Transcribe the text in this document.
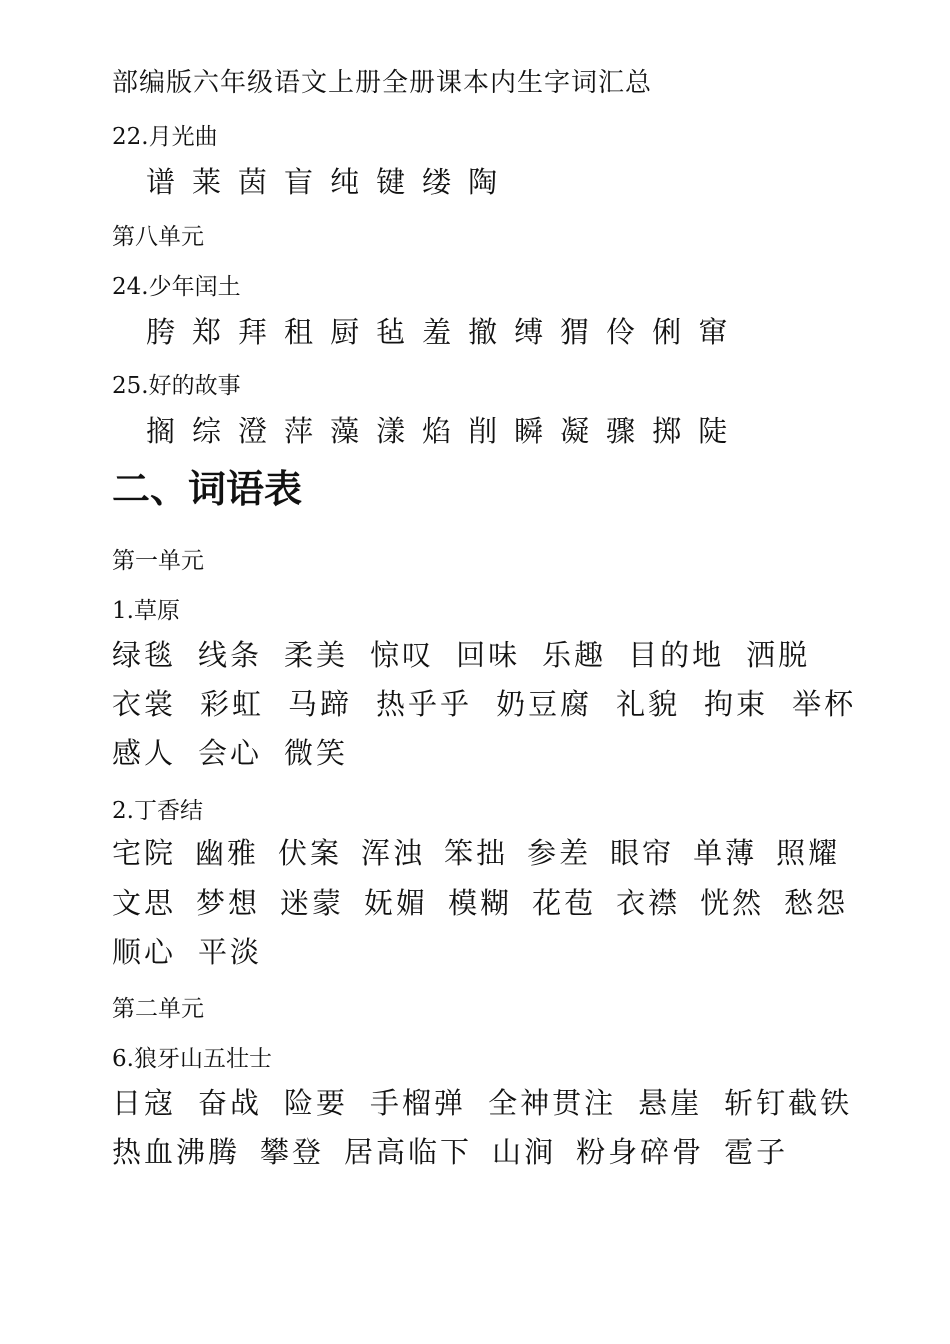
部编版六年级语文上册全册课本内生字词汇总
22.月光曲
谱 莱 茵 盲 纯 键 缕 陶
第八单元
24.少年闰土
胯 郑 拜 租 厨 毡 羞 撤 缚 猬 伶 俐 窜
25.好的故事
搁 综 澄 萍 藻 漾 焰 削 瞬 凝 骤 掷 陡
二、词语表
第一单元
1.草原
绿毯 线条 柔美 惊叹 回味 乐趣 目的地 洒脱
衣裳 彩虹 马蹄 热乎乎 奶豆腐 礼貌 拘束 举杯
感人 会心 微笑
2.丁香结
宅院 幽雅 伏案 浑浊 笨拙 参差 眼帘 单薄 照耀
文思 梦想 迷蒙 妩媚 模糊 花苞 衣襟 恍然 愁怨
顺心 平淡
第二单元
6.狼牙山五壮士
日寇 奋战 险要 手榴弹 全神贯注 悬崖 斩钉截铁
热血沸腾 攀登 居高临下 山涧 粉身碎骨 雹子
